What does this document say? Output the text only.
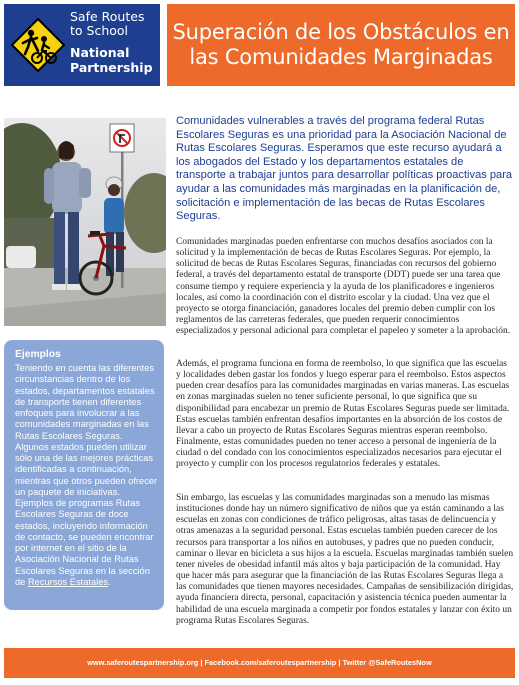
Safe Routes
to School
National
Partnership
Superación de los Obstáculos en
las Comunidades Marginadas

Comunidades vulnerables a través del programa federal Rutas Escolares Seguras es una prioridad para la Asociación Nacional de Rutas Escolares Seguras. Esperamos que este recurso ayudará a los abogados del Estado y los departamentos estatales de transporte a trabajar juntos para desarrollar políticas proactivas para ayudar a las comunidades más marginadas en la planificación de, solicitación e implementación de las becas de Rutas Escolares Seguras.

Ejemplos

Teniendo en cuenta las diferentes circunstancias dentro de los estados, departamentos estatales de transporte tienen diferentes enfoques para involucrar a las comunidades marginadas en las Rutas Escolares Seguras. Algunos estados pueden utilizar sólo una de las mejores prácticas identificadas a continuación, mientras que otros pueden ofrecer un paquete de iniciativas. Ejemplos de programas Rutas Escolares Seguras de doce estados, incluyendo información de contacto, se pueden encontrar por internet en el sitio de la Asociación Nacional de Rutas Escolares Seguras en la sección de Recursos Estatales.

Comunidades marginadas pueden enfrentarse con muchos desafíos asociados con la solicitud y la implementación de becas de Rutas Escolares Seguras. Por ejemplo, la solicitud de becas de Rutas Escolares Seguras, financiadas con recursos del gobierno federal, a través del departamento estatal de transporte (DDT) puede ser una tarea que consume tiempo y requiere experiencia y la ayuda de los planificadores e ingenieros locales, así como la coordinación con el distrito escolar y la ciudad. Una vez que el proyecto se otorga financiación, ganadores locales del premio deben cumplir con los reglamentos de las carreteras federales, que pueden requerir conocimientos especializados y personal adicional para completar el papeleo y someter a la aprobación.

Además, el programa funciona en forma de reembolso, lo que significa que las escuelas y localidades deben gastar los fondos y luego esperar para el reembolso. Estos aspectos pueden crear desafíos para las comunidades marginadas en varias maneras. Las escuelas en zonas marginadas suelen no tener suficiente personal, lo que significa que su disponibilidad para encabezar un premio de Rutas Escolares Seguras puede ser limitada. Estas escuelas también enfrentan desafíos importantes en la absorción de los costos de llevar a cabo un proyecto de Rutas Escolares Seguras mientras esperan reembolso. Finalmente, estas comunidades pueden no tener acceso a personal de ingeniería de la ciudad o del condado con los conocimientos especializados necesarios para ejecutar el proyecto y cumplir con los procesos regulatorios federales y estatales.

Sin embargo, las escuelas y las comunidades marginadas son a menudo las mismas instituciones donde hay un número significativo de niños que ya están caminando a las escuelas en zonas con condiciones de tráfico peligrosas, altas tasas de delincuencia y otras amenazas a la seguridad personal. Estas escuelas también pueden carecer de los recursos para transportar a los niños en autobuses, y padres que no pueden conducir, caminar o llevar en bicicleta a sus hijos a la escuela. Escuelas marginadas también suelen tener niveles de obesidad infantil más altos y baja participación de la comunidad. Hay que hacer más para asegurar que la financiación de las Rutas Escolares Seguras llega a las comunidades que tienen mayores necesidades. Campañas de sensibilización dirigidas, ayuda financiera directa, personal, capacitación y asistencia técnica pueden aumentar la habilidad de una escuela marginada a competir por fondos estatales y lanzar con éxito un programa Rutas Escolares Seguras.

www.saferoutespartnership.org | Facebook.com/saferoutespartnership | Twitter @SafeRoutesNow
